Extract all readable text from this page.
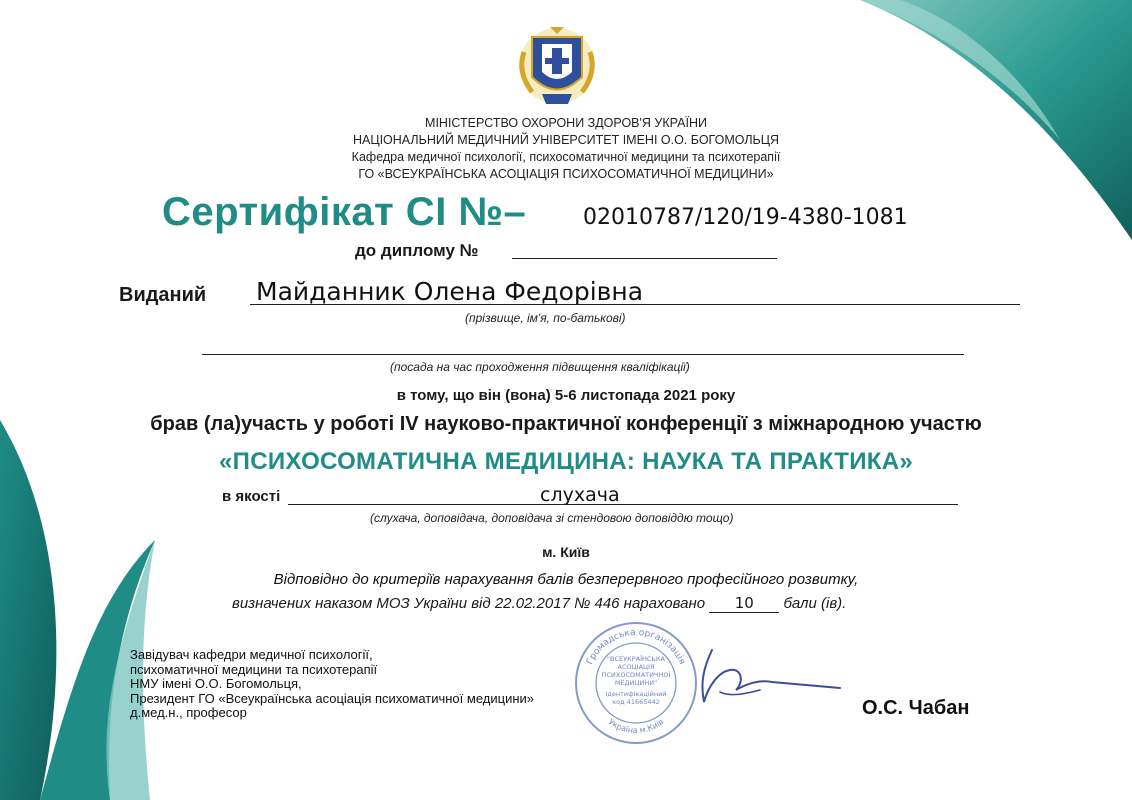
МІНІСТЕРСТВО ОХОРОНИ ЗДОРОВ'Я УКРАЇНИ
НАЦІОНАЛЬНИЙ МЕДИЧНИЙ УНІВЕРСИТЕТ ІМЕНІ О.О. БОГОМОЛЬЦЯ
Кафедра медичної психології, психосоматичної медицини та психотерапії
ГО «ВСЕУКРАЇНСЬКА АСОЦІАЦІЯ ПСИХОСОМАТИЧНОЇ МЕДИЦИНИ»
Сертифікат СІ №–	02010787/120/19-4380-1081
до диплому №
Виданий Майданник Олена Федорівна
(прізвище, ім'я, по-батькові)
(посада на час проходження підвищення кваліфікації)
в тому, що він (вона) 5-6 листопада 2021 року
брав (ла)участь у роботі IV науково-практичної конференції з міжнародною участю
«ПСИХОСОМАТИЧНА МЕДИЦИНА: НАУКА ТА ПРАКТИКА»
в якості	слухача
(слухача, доповідача, доповідача зі стендовою доповіддю тощо)
м. Київ
Відповідно до критеріїв нарахування балів безперервного професійного розвитку,
визначених наказом МОЗ України від 22.02.2017 № 446 нараховано 10 бали (ів).
Завідувач кафедри медичної психології,
психоматичної медицини та психотерапії
НМУ імені О.О. Богомольця,
Президент ГО «Всеукраїнська асоціація психоматичної медицини»
д.мед.н., професор
Громадська організація
Україна м.Київ
"ВСЕУКРАЇНСЬКА
АСОЦІАЦІЯ
ПСИХОСОМАТИЧНОЇ
МЕДИЦИНИ"
Ідентифікаційний
код 41665442	О.С. Чабан
